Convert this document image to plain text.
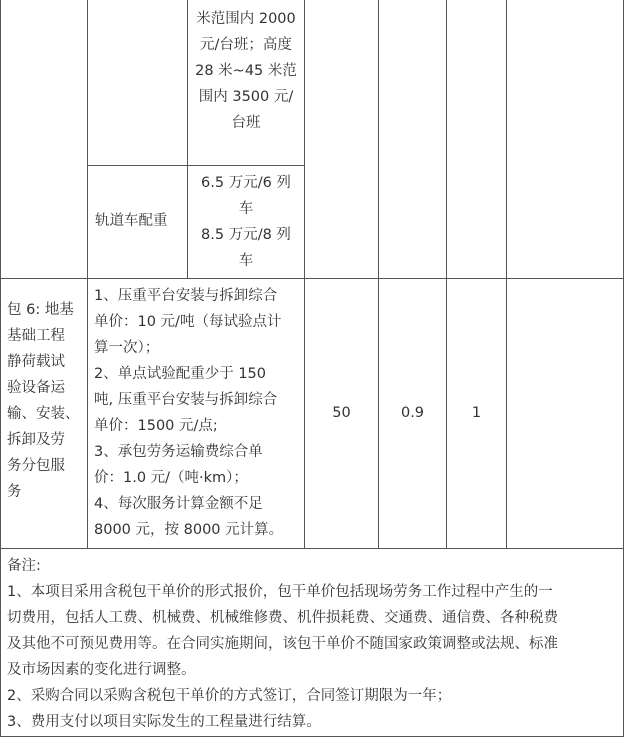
米范围内 2000
元/台班；高度
28 米~45 米范
围内 3500 元/
台班
轨道车配重
6.5 万元/6 列
车
8.5 万元/8 列
车
包 6: 地基
基础工程
静荷载试
验设备运
输、安装、
拆卸及劳
务分包服
务
1、压重平台安装与拆卸综合
单价：10 元/吨（每试验点计
算一次）；
2、单点试验配重少于 150
吨, 压重平台安装与拆卸综合
单价：1500 元/点;
3、承包劳务运输费综合单
价：1.0 元/（吨·km）；
4、每次服务计算金额不足
8000 元，按 8000 元计算。
50	0.9	1
备注:
1、本项目采用含税包干单价的形式报价，包干单价包括现场劳务工作过程中产生的一
切费用，包括人工费、机械费、机械维修费、机件损耗费、交通费、通信费、各种税费
及其他不可预见费用等。在合同实施期间，该包干单价不随国家政策调整或法规、标准
及市场因素的变化进行调整。
2、采购合同以采购含税包干单价的方式签订，合同签订期限为一年；
3、费用支付以项目实际发生的工程量进行结算。
